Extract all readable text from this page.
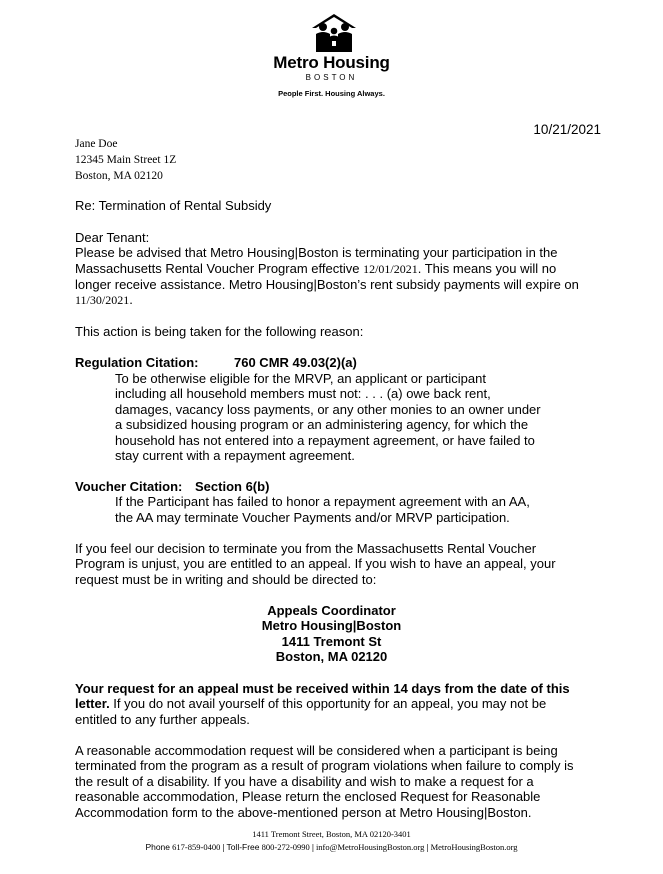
Metro Housing
BOSTON
People First. Housing Always.
10/21/2021
Jane Doe
12345 Main Street 1Z
Boston, MA 02120
Re: Termination of Rental Subsidy
Dear Tenant:
Please be advised that Metro Housing|Boston is terminating your participation in the
Massachusetts Rental Voucher Program effective 12/01/2021. This means you will no
longer receive assistance. Metro Housing|Boston’s rent subsidy payments will expire on
11/30/2021.
This action is being taken for the following reason:
Regulation Citation:	760 CMR 49.03(2)(a)
To be otherwise eligible for the MRVP, an applicant or participant
including all household members must not: . . . (a) owe back rent,
damages, vacancy loss payments, or any other monies to an owner under
a subsidized housing program or an administering agency, for which the
household has not entered into a repayment agreement, or have failed to
stay current with a repayment agreement.
Voucher Citation: Section 6(b)
If the Participant has failed to honor a repayment agreement with an AA,
the AA may terminate Voucher Payments and/or MRVP participation.
If you feel our decision to terminate you from the Massachusetts Rental Voucher
Program is unjust, you are entitled to an appeal. If you wish to have an appeal, your
request must be in writing and should be directed to:
Appeals Coordinator
Metro Housing|Boston
1411 Tremont St
Boston, MA 02120
Your request for an appeal must be received within 14 days from the date of this
letter. If you do not avail yourself of this opportunity for an appeal, you may not be
entitled to any further appeals.
A reasonable accommodation request will be considered when a participant is being
terminated from the program as a result of program violations when failure to comply is
the result of a disability. If you have a disability and wish to make a request for a
reasonable accommodation, Please return the enclosed Request for Reasonable
Accommodation form to the above-mentioned person at Metro Housing|Boston.
1411 Tremont Street, Boston, MA 02120-3401
Phone 617-859-0400 | Toll-Free 800-272-0990 | info@MetroHousingBoston.org | MetroHousingBoston.org
